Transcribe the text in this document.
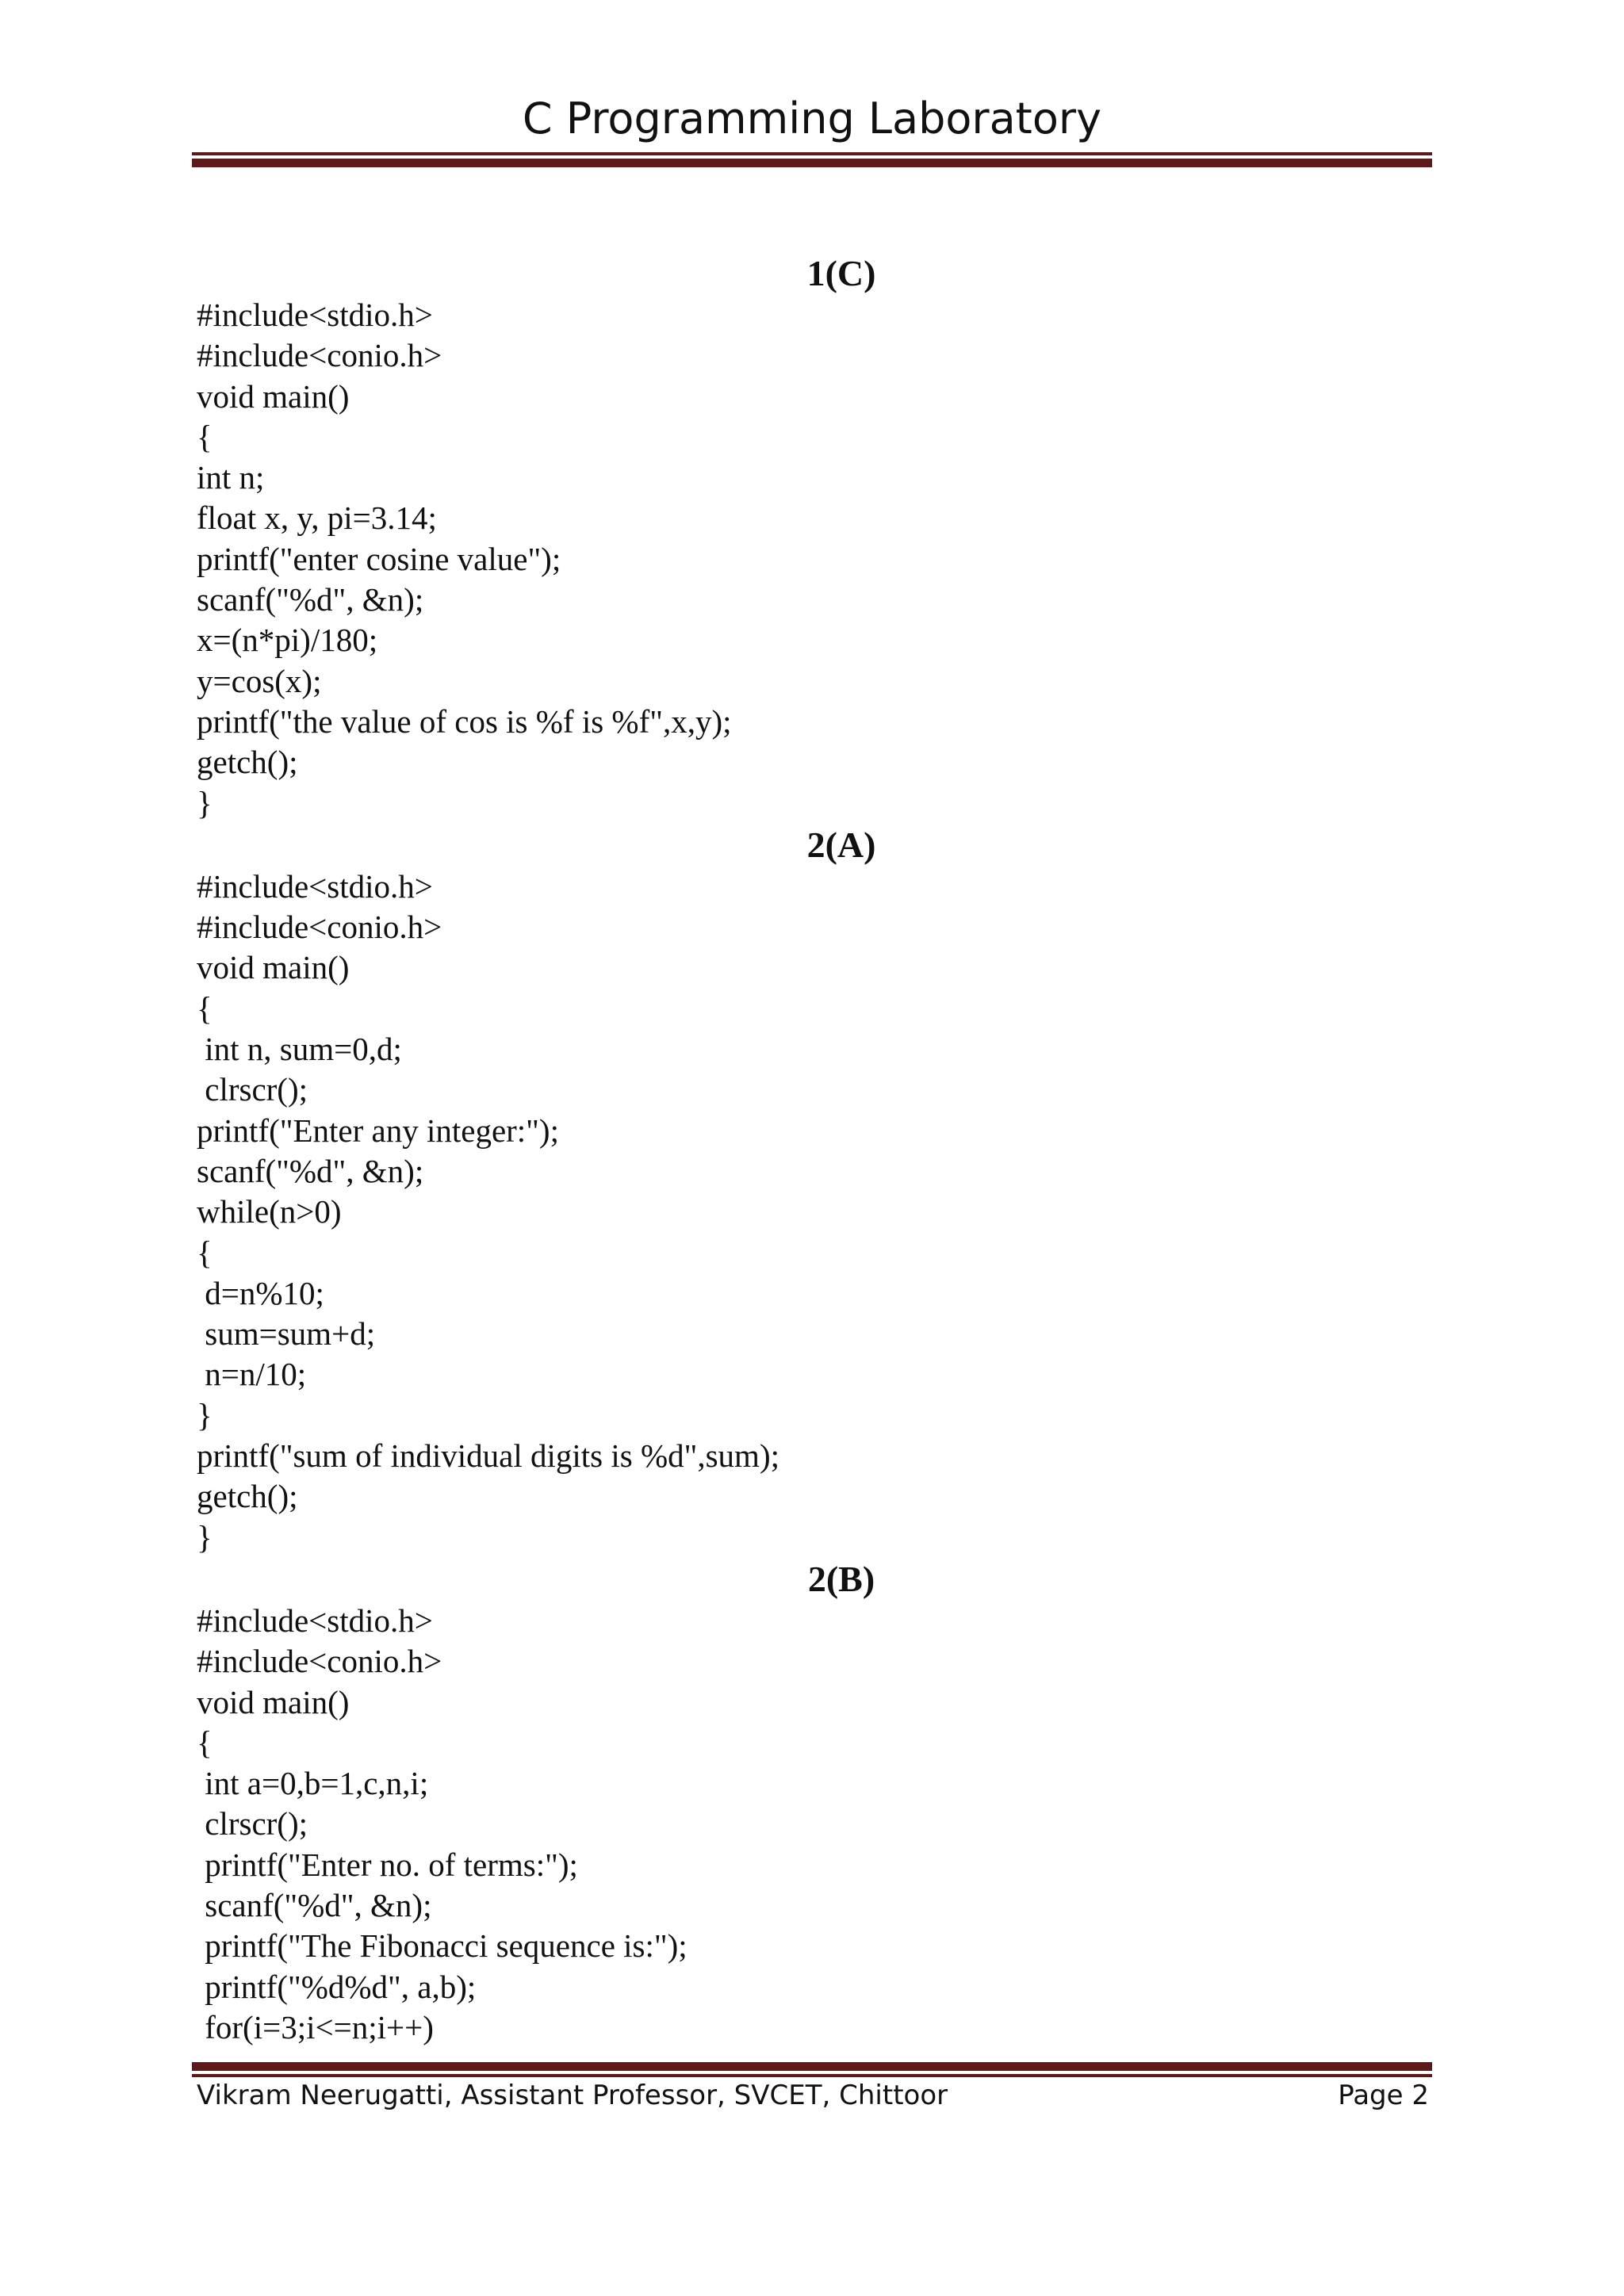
C Programming Laboratory
1(C)
#include<stdio.h>
#include<conio.h>
void main()
{
int n;
float x, y, pi=3.14;
printf("enter cosine value");
scanf("%d", &n);
x=(n*pi)/180;
y=cos(x);
printf("the value of cos is %f is %f",x,y);
getch();
}
2(A)
#include<stdio.h>
#include<conio.h>
void main()
{
int n, sum=0,d;
clrscr();
printf("Enter any integer:");
scanf("%d", &n);
while(n>0)
{
d=n%10;
sum=sum+d;
n=n/10;
}
printf("sum of individual digits is %d",sum);
getch();
}
2(B)
#include<stdio.h>
#include<conio.h>
void main()
{
int a=0,b=1,c,n,i;
clrscr();
printf("Enter no. of terms:");
scanf("%d", &n);
printf("The Fibonacci sequence is:");
printf("%d%d", a,b);
for(i=3;i<=n;i++)
Vikram Neerugatti, Assistant Professor, SVCET, Chittoor	Page 2
